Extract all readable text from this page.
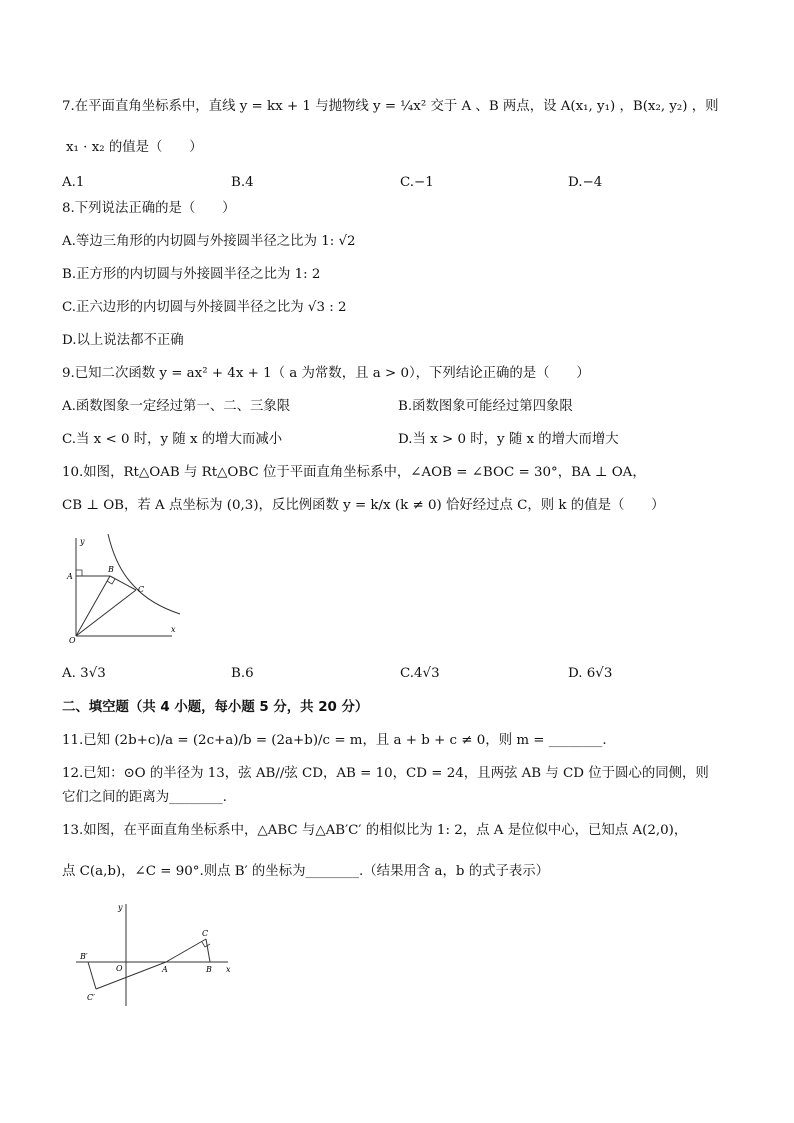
7.在平面直角坐标系中，直线 y = kx + 1 与抛物线 y = ¼x² 交于 A 、B 两点，设 A(x₁, y₁) ，B(x₂, y₂) ，则
x₁ · x₂ 的值是（　　）
A.1	B.4	C.−1	D.−4
8.下列说法正确的是（　　）
A.等边三角形的内切圆与外接圆半径之比为 1: √2
B.正方形的内切圆与外接圆半径之比为 1: 2
C.正六边形的内切圆与外接圆半径之比为 √3 : 2
D.以上说法都不正确
9.已知二次函数 y = ax² + 4x + 1（ a 为常数，且 a > 0），下列结论正确的是（　　）
A.函数图象一定经过第一、二、三象限	B.函数图象可能经过第四象限
C.当 x < 0 时，y 随 x 的增大而减小	D.当 x > 0 时，y 随 x 的增大而增大
10.如图，Rt△OAB 与 Rt△OBC 位于平面直角坐标系中，∠AOB = ∠BOC = 30°，BA ⊥ OA，
CB ⊥ OB，若 A 点坐标为 (0,3)，反比例函数 y = k/x (k ≠ 0) 恰好经过点 C，则 k 的值是（　　）
y
x
A
B
C
O
A. 3√3	B.6	C.4√3	D. 6√3
二、填空题（共 4 小题，每小题 5 分，共 20 分）
11.已知 (2b+c)/a = (2c+a)/b = (2a+b)/c = m，且 a + b + c ≠ 0，则 m = ________.
12.已知：⊙O 的半径为 13，弦 AB//弦 CD，AB = 10，CD = 24，且两弦 AB 与 CD 位于圆心的同侧，则
它们之间的距离为________.
13.如图，在平面直角坐标系中，△ABC 与△AB′C′ 的相似比为 1: 2，点 A 是位似中心，已知点 A(2,0)，
点 C(a,b)，∠C = 90°.则点 B′ 的坐标为________.（结果用含 a，b 的式子表示）
y
x
O	A	B
C
B′
C′
